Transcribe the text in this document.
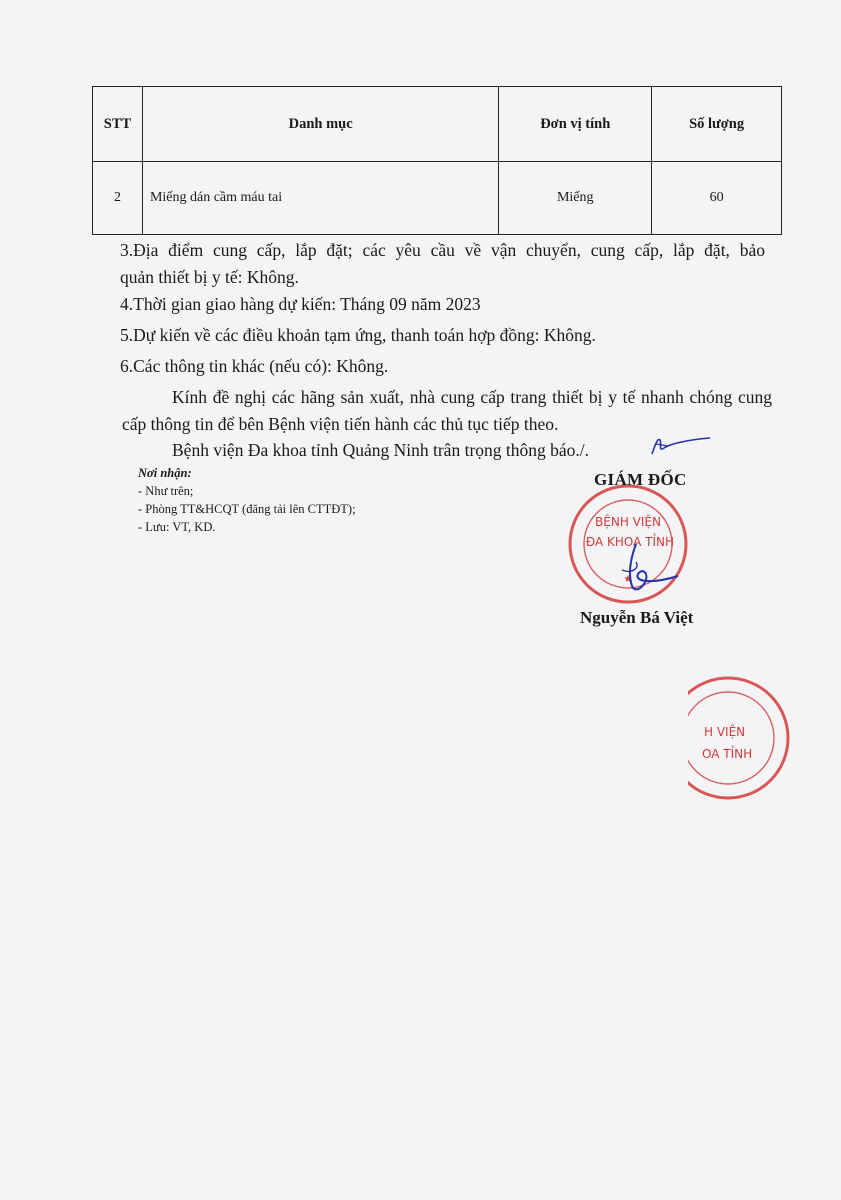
STT	Danh mục	Đơn vị tính	Số lượng
2	Miếng dán cầm máu tai	Miếng	60
3.Địa điểm cung cấp, lắp đặt; các yêu cầu về vận chuyển, cung cấp, lắp đặt, bảo
quản thiết bị y tế: Không.
4.Thời gian giao hàng dự kiến: Tháng 09 năm 2023
5.Dự kiến về các điều khoản tạm ứng, thanh toán hợp đồng: Không.
6.Các thông tin khác (nếu có): Không.
Kính đề nghị các hãng sản xuất, nhà cung cấp trang thiết bị y tế nhanh chóng cung cấp thông tin để bên Bệnh viện tiến hành các thủ tục tiếp theo.
Bệnh viện Đa khoa tỉnh Quảng Ninh trân trọng thông báo./.
Nơi nhận:
- Như trên;
- Phòng TT&HCQT (đăng tải lên CTTĐT);
- Lưu: VT, KD.	BỆNH VIỆN
ĐA KHOA TỈNH
★
GIÁM ĐỐC
Nguyễn Bá Việt
H VIỆN
OA TỈNH
